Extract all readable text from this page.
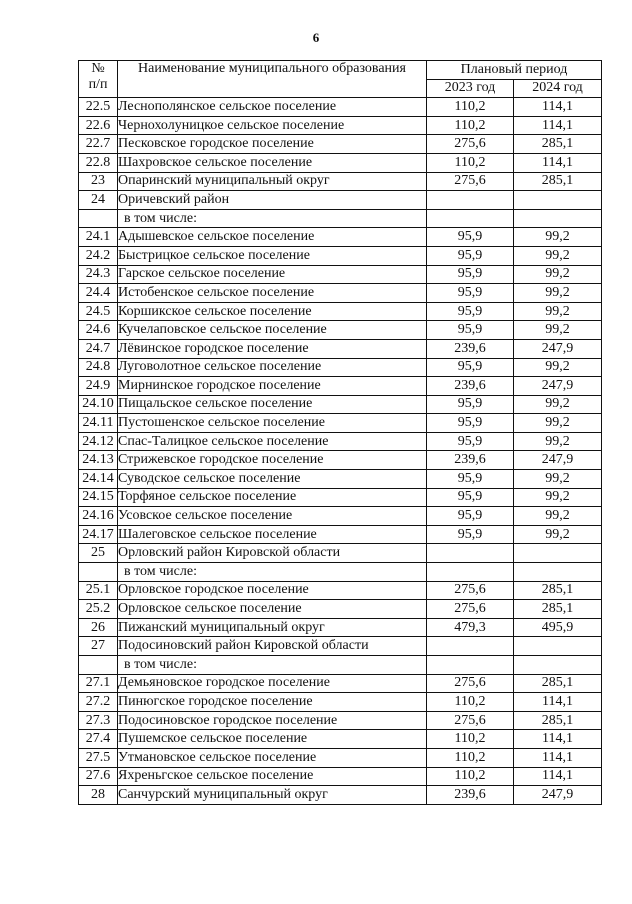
6
№
п/п	Наименование муниципального образования	Плановый период	
		2023 год	2024 год
22.5	Леснополянское сельское поселение	110,2	114,1
22.6	Чернохолуницкое сельское поселение	110,2	114,1
22.7	Песковское городское поселение	275,6	285,1
22.8	Шахровское сельское поселение	110,2	114,1
23	Опаринский муниципальный округ	275,6	285,1
24	Оричевский район		
	в том числе:		
24.1	Адышевское сельское поселение	95,9	99,2
24.2	Быстрицкое сельское поселение	95,9	99,2
24.3	Гарское сельское поселение	95,9	99,2
24.4	Истобенское сельское поселение	95,9	99,2
24.5	Коршикское сельское поселение	95,9	99,2
24.6	Кучелаповское сельское поселение	95,9	99,2
24.7	Лёвинское городское поселение	239,6	247,9
24.8	Луговолотное сельское поселение	95,9	99,2
24.9	Мирнинское городское поселение	239,6	247,9
24.10	Пищальское сельское поселение	95,9	99,2
24.11	Пустошенское сельское поселение	95,9	99,2
24.12	Спас-Талицкое сельское поселение	95,9	99,2
24.13	Стрижевское городское поселение	239,6	247,9
24.14	Суводское сельское поселение	95,9	99,2
24.15	Торфяное сельское поселение	95,9	99,2
24.16	Усовское сельское поселение	95,9	99,2
24.17	Шалеговское сельское поселение	95,9	99,2
25	Орловский район Кировской области		
	в том числе:		
25.1	Орловское городское поселение	275,6	285,1
25.2	Орловское сельское поселение	275,6	285,1
26	Пижанский муниципальный округ	479,3	495,9
27	Подосиновский район Кировской области		
	в том числе:		
27.1	Демьяновское городское поселение	275,6	285,1
27.2	Пинюгское городское поселение	110,2	114,1
27.3	Подосиновское городское поселение	275,6	285,1
27.4	Пушемское сельское поселение	110,2	114,1
27.5	Утмановское сельское поселение	110,2	114,1
27.6	Яхреньгское сельское поселение	110,2	114,1
28	Санчурский муниципальный округ	239,6	247,9
